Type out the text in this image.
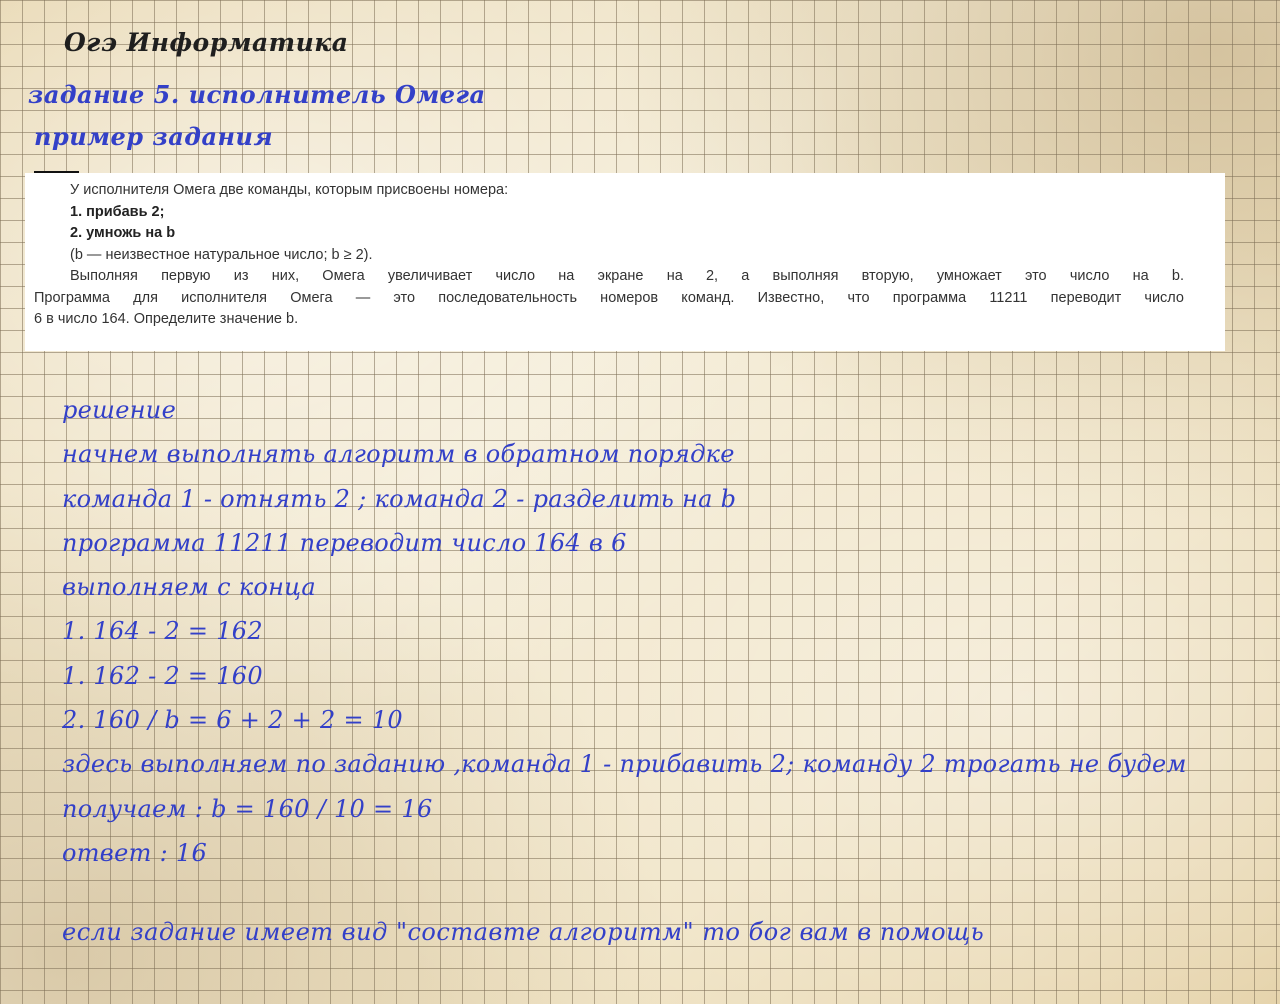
Огэ Информатика
задание 5. исполнитель Омега
пример задания

У исполнителя Омега две команды, которым присвоены номера:

1. прибавь 2;

2. умножь на b

(b — неизвестное натуральное число; b ≥ 2).

Выполняя первую из них, Омега увеличивает число на экране на 2, а выполняя вторую, умножает это число на b.

Программа для исполнителя Омега — это последовательность номеров команд. Известно, что программа 11211 переводит число

6 в число 164. Определите значение b.

решение
начнем выполнять алгоритм в обратном порядке
команда 1 - отнять 2 ; команда 2 - разделить на b
программа 11211 переводит число 164 в 6
выполняем с конца
1. 164 - 2 = 162
1. 162 - 2 = 160
2. 160 / b = 6 + 2 + 2 = 10
здесь выполняем по заданию ,команда 1 - прибавить 2; команду 2 трогать не будем
получаем : b = 160 / 10 = 16
ответ : 16

если задание имеет вид "составте алгоритм" то бог вам в помощь
